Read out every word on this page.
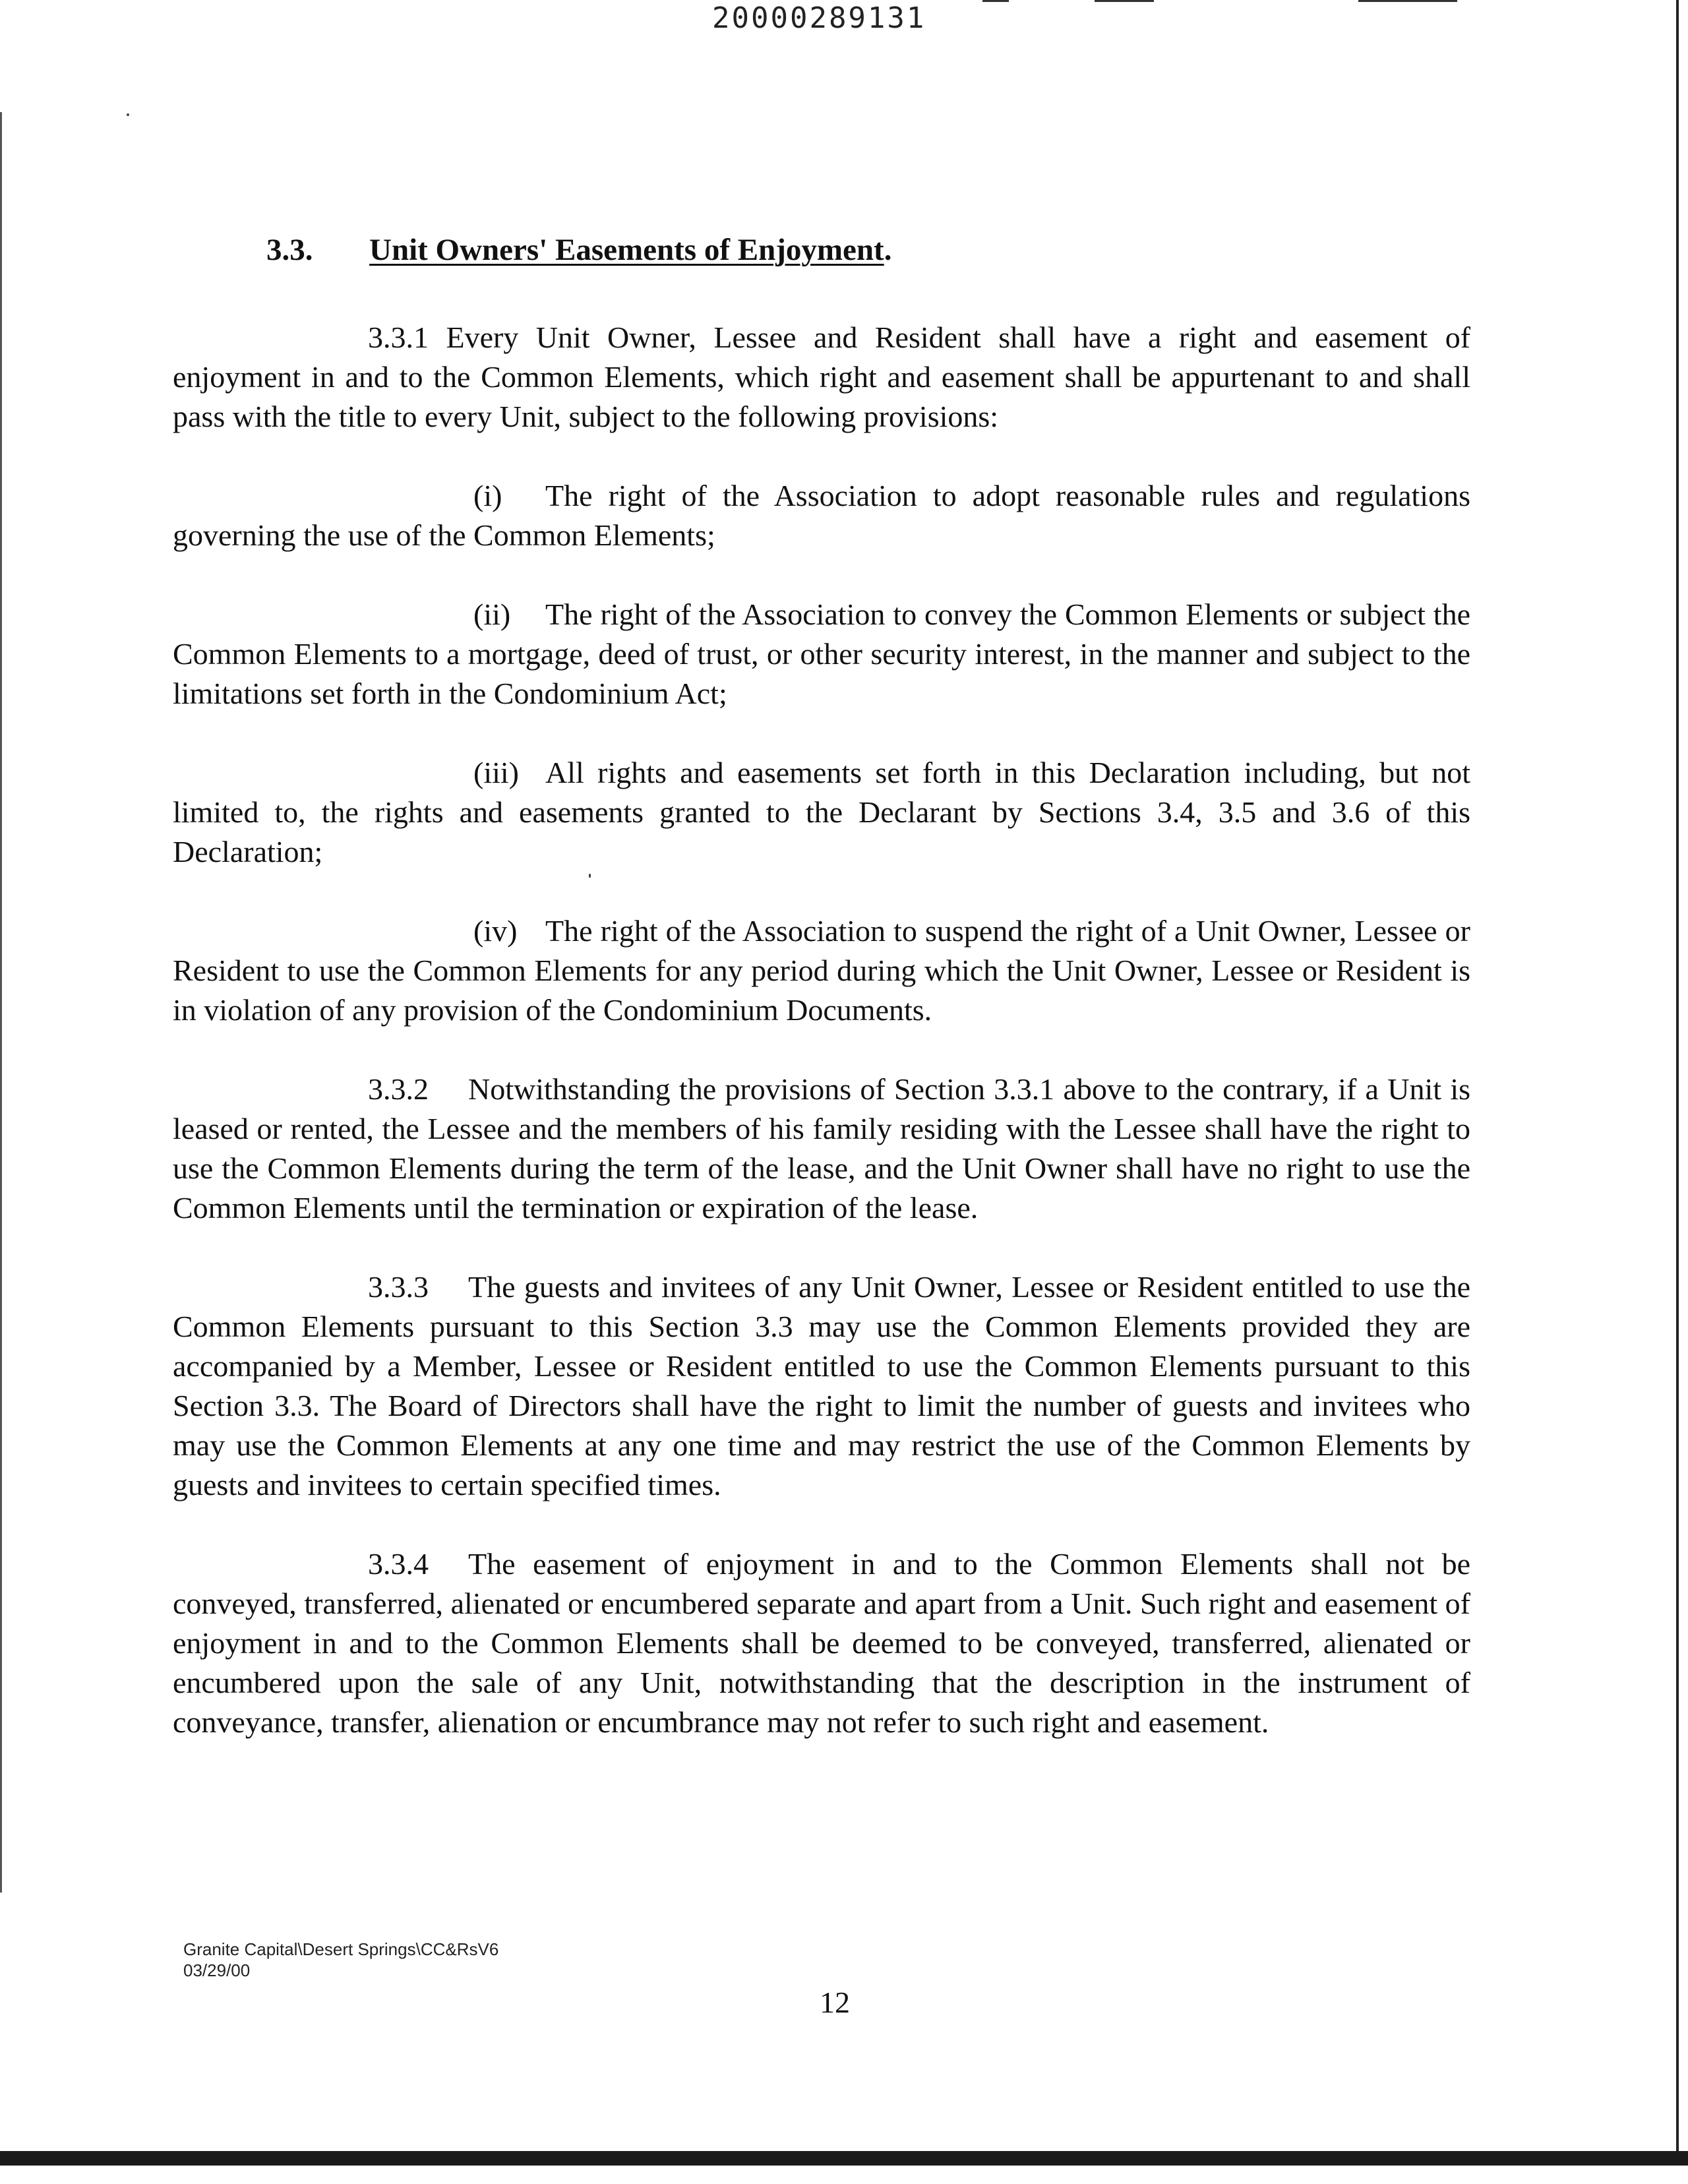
20000289131
3.3. Unit Owners' Easements of Enjoyment.

3.3.1 Every Unit Owner, Lessee and Resident shall have a right and easement of enjoyment in and to the Common Elements, which right and easement shall be appurtenant to and shall pass with the title to every Unit, subject to the following provisions:

(i) The right of the Association to adopt reasonable rules and regulations governing the use of the Common Elements;

(ii) The right of the Association to convey the Common Elements or subject the Common Elements to a mortgage, deed of trust, or other security interest, in the manner and subject to the limitations set forth in the Condominium Act;

(iii) All rights and easements set forth in this Declaration including, but not limited to, the rights and easements granted to the Declarant by Sections 3.4, 3.5 and 3.6 of this Declaration;

(iv) The right of the Association to suspend the right of a Unit Owner, Lessee or Resident to use the Common Elements for any period during which the Unit Owner, Lessee or Resident is in violation of any provision of the Condominium Documents.

3.3.2 Notwithstanding the provisions of Section 3.3.1 above to the contrary, if a Unit is leased or rented, the Lessee and the members of his family residing with the Lessee shall have the right to use the Common Elements during the term of the lease, and the Unit Owner shall have no right to use the Common Elements until the termination or expiration of the lease.

3.3.3 The guests and invitees of any Unit Owner, Lessee or Resident entitled to use the Common Elements pursuant to this Section 3.3 may use the Common Elements provided they are accompanied by a Member, Lessee or Resident entitled to use the Common Elements pursuant to this Section 3.3. The Board of Directors shall have the right to limit the number of guests and invitees who may use the Common Elements at any one time and may restrict the use of the Common Elements by guests and invitees to certain specified times.

3.3.4 The easement of enjoyment in and to the Common Elements shall not be conveyed, transferred, alienated or encumbered separate and apart from a Unit. Such right and easement of enjoyment in and to the Common Elements shall be deemed to be conveyed, transferred, alienated or encumbered upon the sale of any Unit, notwithstanding that the description in the instrument of conveyance, transfer, alienation or encumbrance may not refer to such right and easement.

Granite Capital\Desert Springs\CC&RsV6
03/29/00
12
